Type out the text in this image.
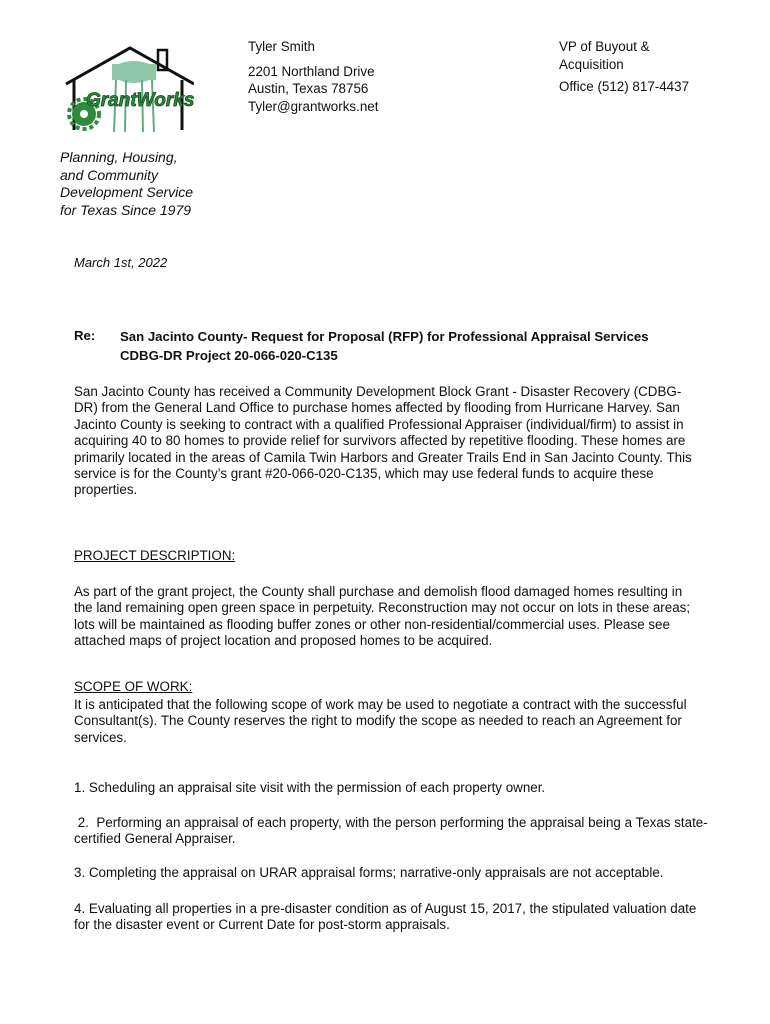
GrantWorks
Tyler Smith
2201 Northland Drive
Austin, Texas 78756
Tyler@grantworks.net
VP of Buyout &
Acquisition
Office (512) 817-4437
Planning, Housing,
and Community
Development Service
for Texas Since 1979
March 1st, 2022
Re: San Jacinto County- Request for Proposal (RFP) for Professional Appraisal Services
CDBG-DR Project 20-066-020-C135
San Jacinto County has received a Community Development Block Grant - Disaster Recovery (CDBG-DR) from the General Land Office to purchase homes affected by flooding from Hurricane Harvey. San Jacinto County is seeking to contract with a qualified Professional Appraiser (individual/firm) to assist in acquiring 40 to 80 homes to provide relief for survivors affected by repetitive flooding. These homes are primarily located in the areas of Camila Twin Harbors and Greater Trails End in San Jacinto County. This service is for the County’s grant #20-066-020-C135, which may use federal funds to acquire these properties.
PROJECT DESCRIPTION:
As part of the grant project, the County shall purchase and demolish flood damaged homes resulting in the land remaining open green space in perpetuity. Reconstruction may not occur on lots in these areas; lots will be maintained as flooding buffer zones or other non-residential/commercial uses. Please see attached maps of project location and proposed homes to be acquired.
SCOPE OF WORK:
It is anticipated that the following scope of work may be used to negotiate a contract with the successful Consultant(s). The County reserves the right to modify the scope as needed to reach an Agreement for services.
1. Scheduling an appraisal site visit with the permission of each property owner.
2.  Performing an appraisal of each property, with the person performing the appraisal being a Texas state-certified General Appraiser.
3. Completing the appraisal on URAR appraisal forms; narrative-only appraisals are not acceptable.
4. Evaluating all properties in a pre-disaster condition as of August 15, 2017, the stipulated valuation date for the disaster event or Current Date for post-storm appraisals.
